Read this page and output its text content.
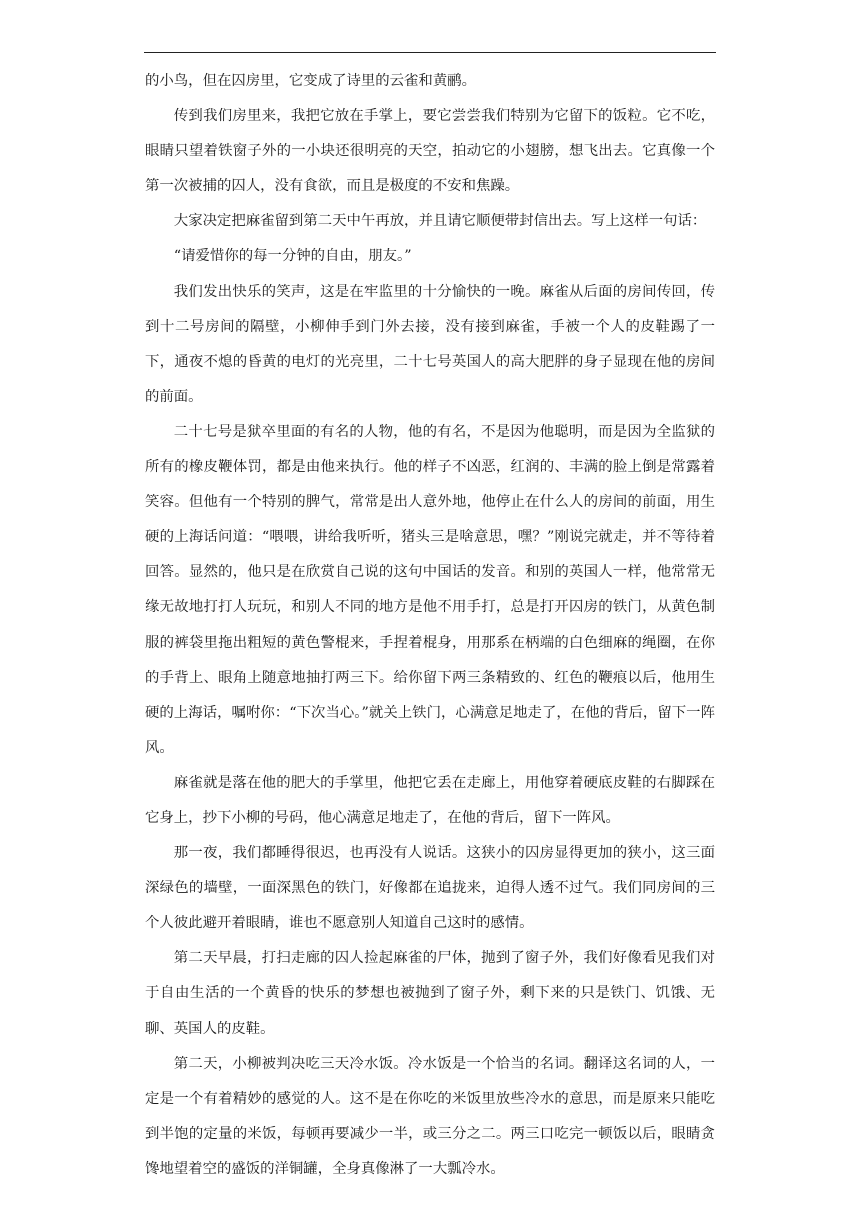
的小鸟，但在囚房里，它变成了诗里的云雀和黄鹂。

传到我们房里来，我把它放在手掌上，要它尝尝我们特别为它留下的饭粒。它不吃，眼睛只望着铁窗子外的一小块还很明亮的天空，拍动它的小翅膀，想飞出去。它真像一个第一次被捕的囚人，没有食欲，而且是极度的不安和焦躁。

大家决定把麻雀留到第二天中午再放，并且请它顺便带封信出去。写上这样一句话：

“请爱惜你的每一分钟的自由，朋友。”

我们发出快乐的笑声，这是在牢监里的十分愉快的一晚。麻雀从后面的房间传回，传到十二号房间的隔壁，小柳伸手到门外去接，没有接到麻雀，手被一个人的皮鞋踢了一下，通夜不熄的昏黄的电灯的光亮里，二十七号英国人的高大肥胖的身子显现在他的房间的前面。

二十七号是狱卒里面的有名的人物，他的有名，不是因为他聪明，而是因为全监狱的所有的橡皮鞭体罚，都是由他来执行。他的样子不凶恶，红润的、丰满的脸上倒是常露着笑容。但他有一个特别的脾气，常常是出人意外地，他停止在什么人的房间的前面，用生硬的上海话问道：“喂喂，讲给我听听，猪头三是啥意思，嘿？”刚说完就走，并不等待着回答。显然的，他只是在欣赏自己说的这句中国话的发音。和别的英国人一样，他常常无缘无故地打打人玩玩，和别人不同的地方是他不用手打，总是打开囚房的铁门，从黄色制服的裤袋里拖出粗短的黄色警棍来，手捏着棍身，用那系在柄端的白色细麻的绳圈，在你的手背上、眼角上随意地抽打两三下。给你留下两三条精致的、红色的鞭痕以后，他用生硬的上海话，嘱咐你：“下次当心。”就关上铁门，心满意足地走了，在他的背后，留下一阵风。

麻雀就是落在他的肥大的手掌里，他把它丢在走廊上，用他穿着硬底皮鞋的右脚踩在它身上，抄下小柳的号码，他心满意足地走了，在他的背后，留下一阵风。

那一夜，我们都睡得很迟，也再没有人说话。这狭小的囚房显得更加的狭小，这三面深绿色的墙壁，一面深黑色的铁门，好像都在追拢来，迫得人透不过气。我们同房间的三个人彼此避开着眼睛，谁也不愿意别人知道自己这时的感情。

第二天早晨，打扫走廊的囚人捡起麻雀的尸体，抛到了窗子外，我们好像看见我们对于自由生活的一个黄昏的快乐的梦想也被抛到了窗子外，剩下来的只是铁门、饥饿、无聊、英国人的皮鞋。

第二天，小柳被判决吃三天冷水饭。冷水饭是一个恰当的名词。翻译这名词的人，一定是一个有着精妙的感觉的人。这不是在你吃的米饭里放些冷水的意思，而是原来只能吃到半饱的定量的米饭，每顿再要减少一半，或三分之二。两三口吃完一顿饭以后，眼睛贪馋地望着空的盛饭的洋铜罐，全身真像淋了一大瓢冷水。
